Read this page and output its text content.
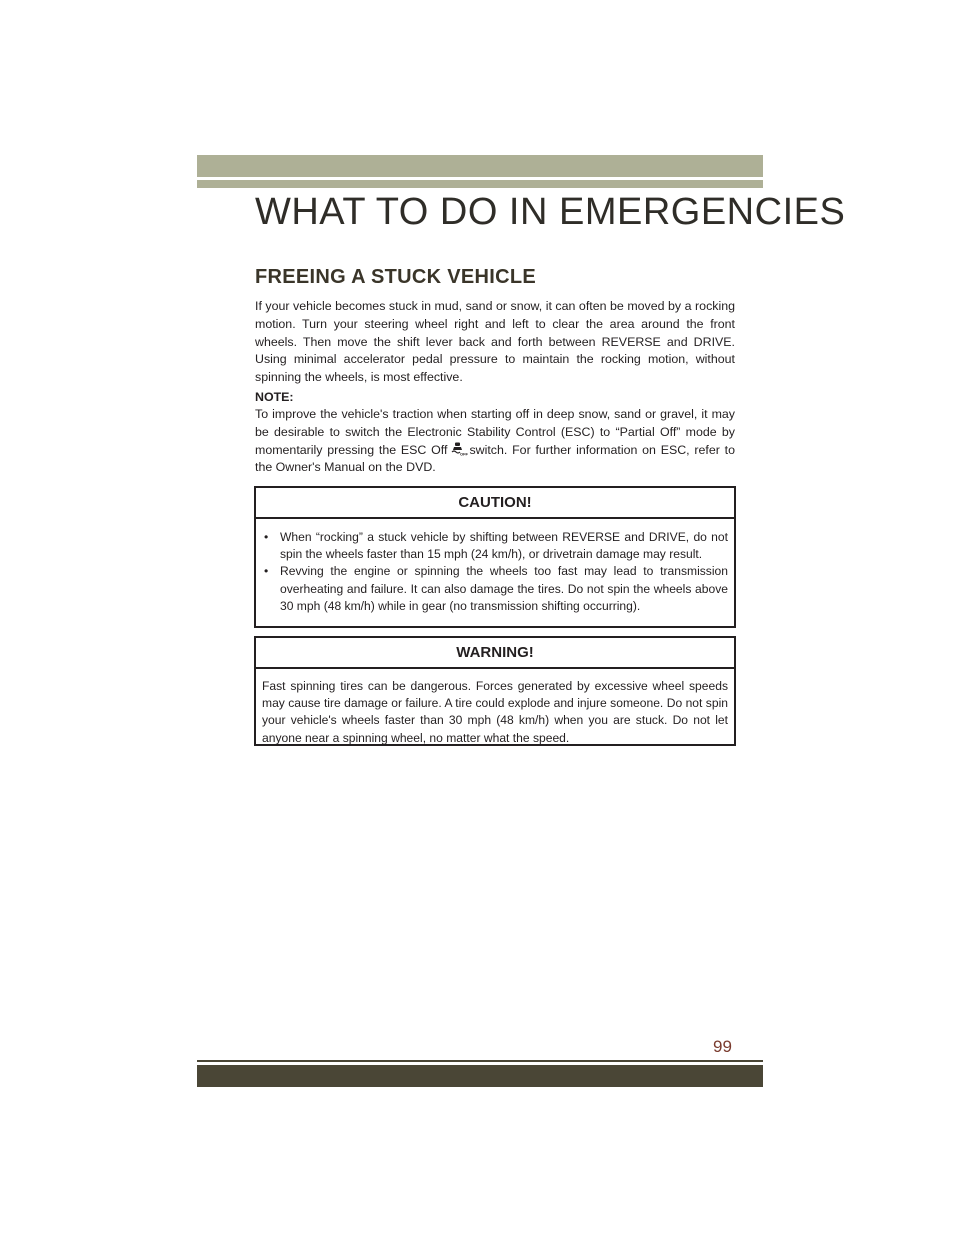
WHAT TO DO IN EMERGENCIES
FREEING A STUCK VEHICLE

If your vehicle becomes stuck in mud, sand or snow, it can often be moved by a rocking motion. Turn your steering wheel right and left to clear the area around the front wheels. Then move the shift lever back and forth between REVERSE and DRIVE. Using minimal accelerator pedal pressure to maintain the rocking motion, without spinning the wheels, is most effective.

NOTE:

To improve the vehicle's traction when starting off in deep snow, sand or gravel, it may be desirable to switch the Electronic Stability Control (ESC) to “Partial Off” mode by momentarily pressing the ESC Off	OFF switch. For further information on ESC, refer to the Owner's Manual on the DVD.

CAUTION!
• When “rocking” a stuck vehicle by shifting between REVERSE and DRIVE, do not spin the wheels faster than 15 mph (24 km/h), or drivetrain damage may result.
• Revving the engine or spinning the wheels too fast may lead to transmission overheating and failure. It can also damage the tires. Do not spin the wheels above 30 mph (48 km/h) while in gear (no transmission shifting occurring).
WARNING!

Fast spinning tires can be dangerous. Forces generated by excessive wheel speeds may cause tire damage or failure. A tire could explode and injure someone. Do not spin your vehicle's wheels faster than 30 mph (48 km/h) when you are stuck. Do not let anyone near a spinning wheel, no matter what the speed.

99
